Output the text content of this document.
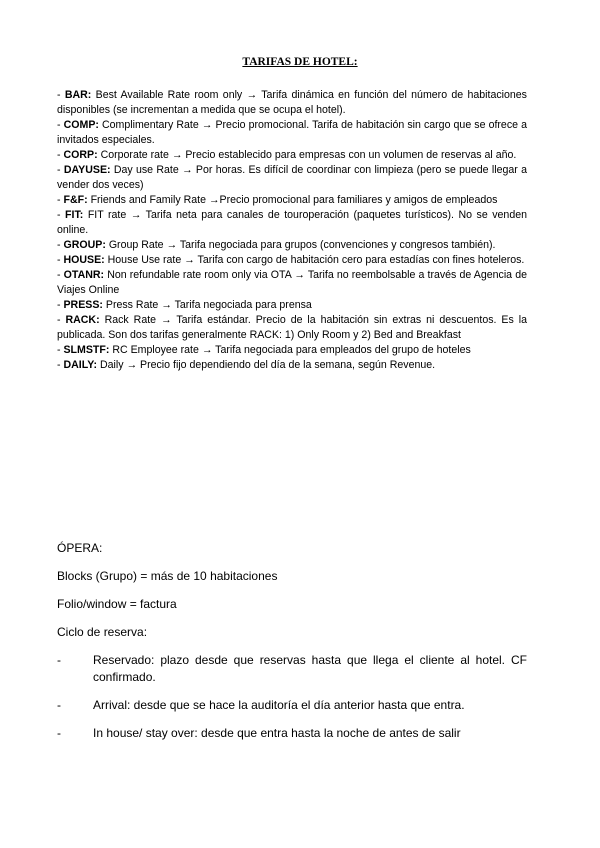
TARIFAS DE HOTEL:

- BAR: Best Available Rate room only → Tarifa dinámica en función del número de habitaciones disponibles (se incrementan a medida que se ocupa el hotel).

- COMP: Complimentary Rate → Precio promocional. Tarifa de habitación sin cargo que se ofrece a invitados especiales.

- CORP: Corporate rate → Precio establecido para empresas con un volumen de reservas al año.

- DAYUSE: Day use Rate → Por horas. Es difícil de coordinar con limpieza (pero se puede llegar a vender dos veces)

- F&F: Friends and Family Rate →Precio promocional para familiares y amigos de empleados

- FIT: FIT rate → Tarifa neta para canales de touroperación (paquetes turísticos). No se venden online.

- GROUP: Group Rate → Tarifa negociada para grupos (convenciones y congresos también).

- HOUSE: House Use rate → Tarifa con cargo de habitación cero para estadías con fines hoteleros.

- OTANR: Non refundable rate room only via OTA → Tarifa no reembolsable a través de Agencia de Viajes Online

- PRESS: Press Rate → Tarifa negociada para prensa

- RACK: Rack Rate → Tarifa estándar. Precio de la habitación sin extras ni descuentos. Es la publicada. Son dos tarifas generalmente RACK: 1) Only Room y 2) Bed and Breakfast

- SLMSTF: RC Employee rate → Tarifa negociada para empleados del grupo de hoteles

- DAILY: Daily → Precio fijo dependiendo del día de la semana, según Revenue.

ÓPERA:

Blocks (Grupo) = más de 10 habitaciones

Folio/window = factura

Ciclo de reserva:

-	Reservado: plazo desde que reservas hasta que llega el cliente al hotel. CF confirmado.
-	Arrival: desde que se hace la auditoría el día anterior hasta que entra.
-	In house/ stay over: desde que entra hasta la noche de antes de salir
